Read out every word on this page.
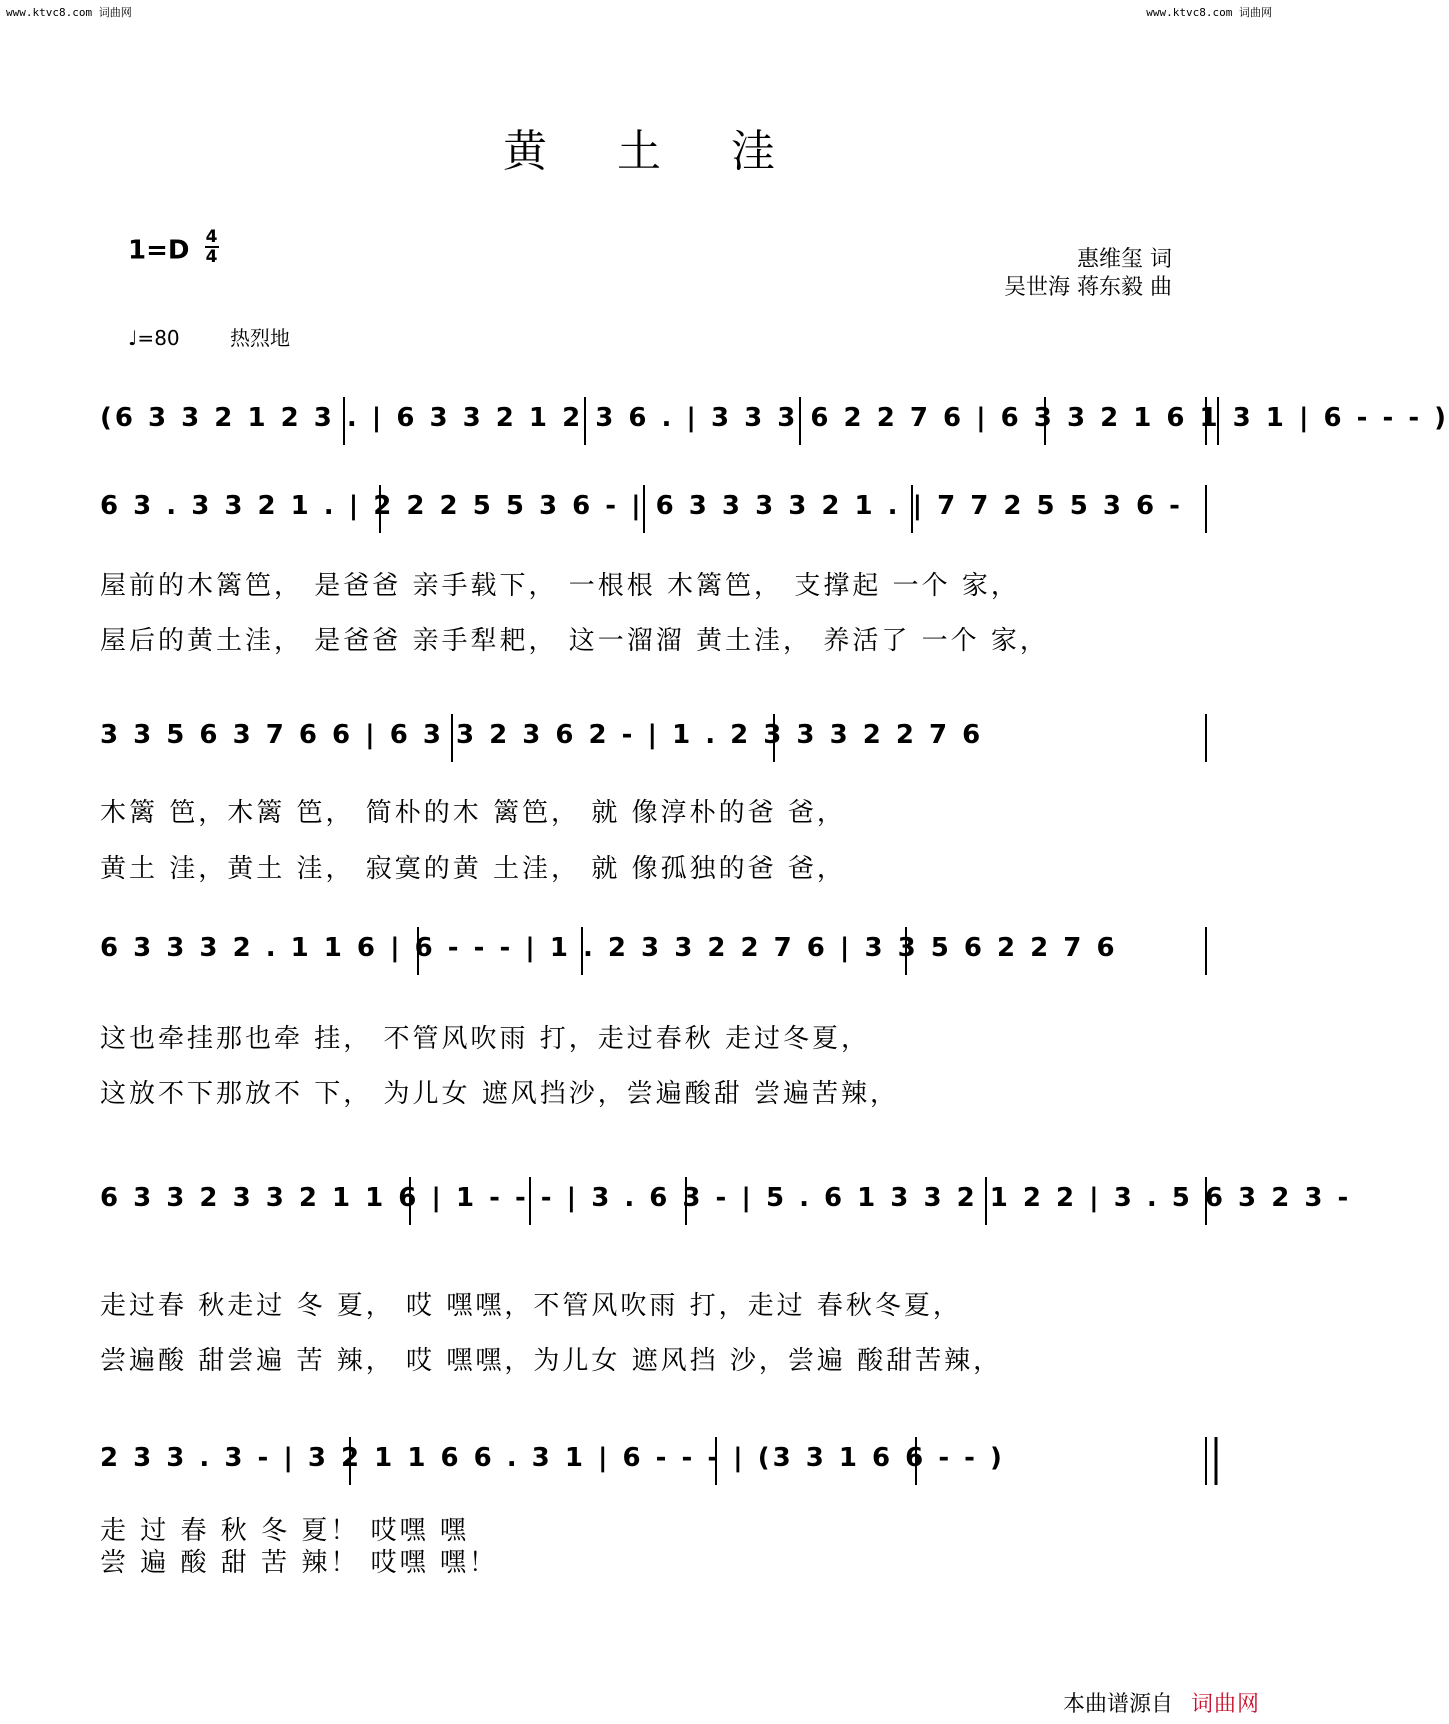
www.ktvc8.com 词曲网	www.ktvc8.com 词曲网
黄土洼
$1=D \frac{4}{4}$	惠维玺 词
吴世海 蒋东毅 曲
♩=80	热烈地
(6 3 3 2 1 2 3 . | 6 3 3 2 1 2 3 6 . | 3 3 3 6 2 2 7 6 | 6 3 3 2 1 6 1 3 1 | 6 - - - )
6 3 . 3 3 2 1 . | 2 2 2 5 5 3 6 - | 6 3 3 3 3 2 1 . | 7 7 2 5 5 3 6 -
屋前的木篱笆， 是爸爸 亲手载下， 一根根 木篱笆， 支撑起 一个 家，
屋后的黄土洼， 是爸爸 亲手犁耙， 这一溜溜 黄土洼， 养活了 一个 家，
3 3 5 6 3 7 6 6 | 6 3 3 2 3 6 2 - | 1 . 2 3 3 3 2 2 7 6
木篱 笆，木篱 笆， 简朴的木 篱笆， 就 像淳朴的爸 爸，
黄土 洼，黄土 洼， 寂寞的黄 土洼， 就 像孤独的爸 爸，
6 3 3 3 2 . 1 1 6 | 6 - - - | 1 . 2 3 3 2 2 7 6 | 3 3 5 6 2 2 7 6
这也牵挂那也牵 挂， 不管风吹雨 打，走过春秋 走过冬夏，
这放不下那放不 下， 为儿女 遮风挡沙，尝遍酸甜 尝遍苦辣，
6 3 3 2 3 3 2 1 1 6 | 1 - - - | 3 . 6 3 - | 5 . 6 1 3 3 2 1 2 2 | 3 . 5 6 3 2 3 -
走过春 秋走过 冬 夏， 哎 嘿嘿，不管风吹雨 打，走过 春秋冬夏，
尝遍酸 甜尝遍 苦 辣， 哎 嘿嘿，为儿女 遮风挡 沙，尝遍 酸甜苦辣，
2 3 3 . 3 - | 3 2 1 1 6 6 . 3 1 | 6 - - - | (3 3 1 6 6 - - )
走 过 春 秋 冬 夏！ 哎嘿 嘿
尝 遍 酸 甜 苦 辣！ 哎嘿 嘿！
本曲谱源自 词曲网
